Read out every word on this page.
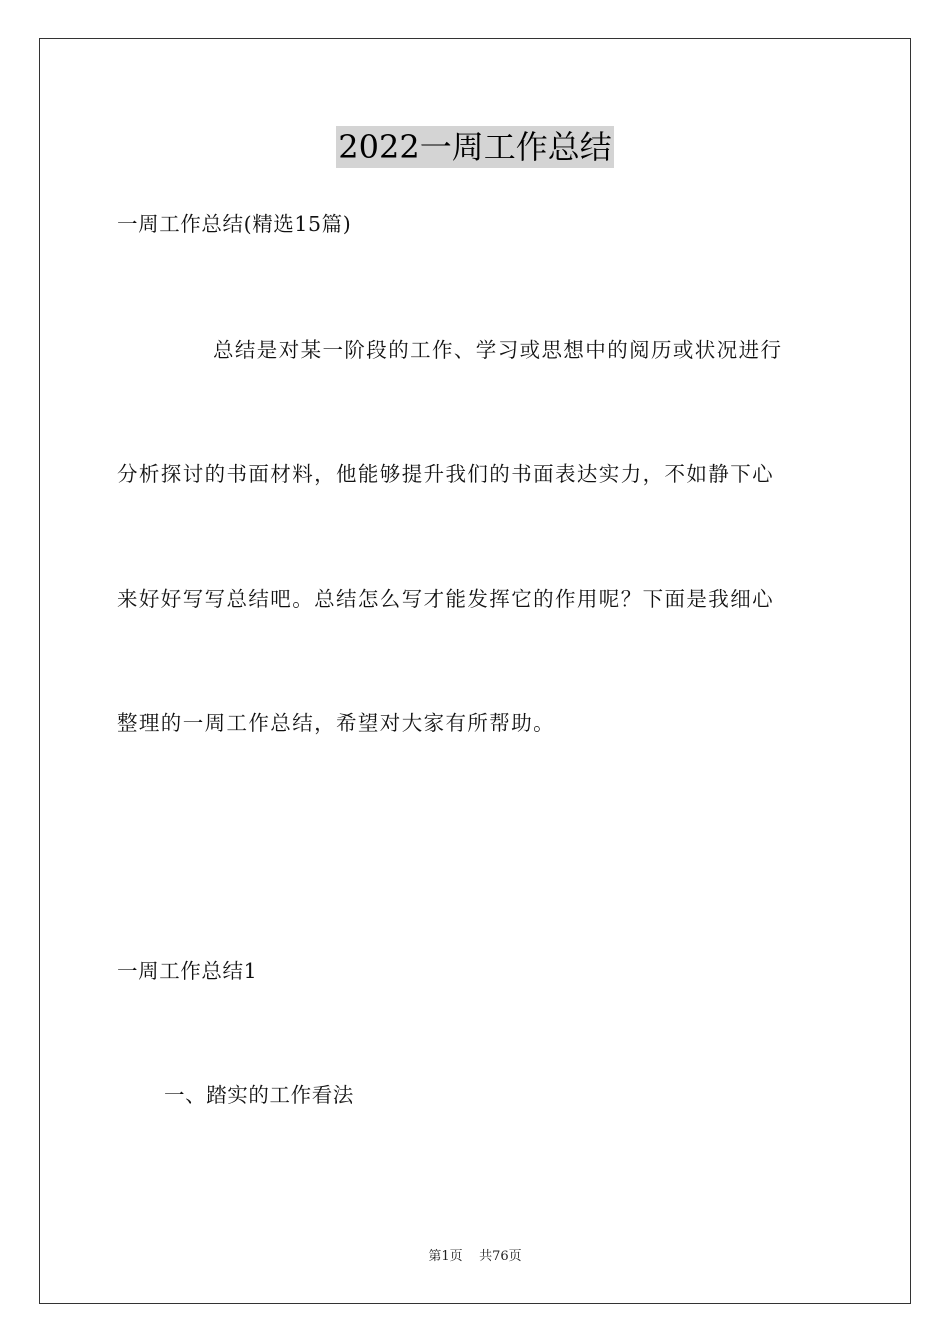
2022一周工作总结
一周工作总结(精选15篇)
总结是对某一阶段的工作、学习或思想中的阅历或状况进行
分析探讨的书面材料，他能够提升我们的书面表达实力，不如静下心
来好好写写总结吧。总结怎么写才能发挥它的作用呢？下面是我细心
整理的一周工作总结，希望对大家有所帮助。
一周工作总结1
一、踏实的工作看法
第1页 共76页
